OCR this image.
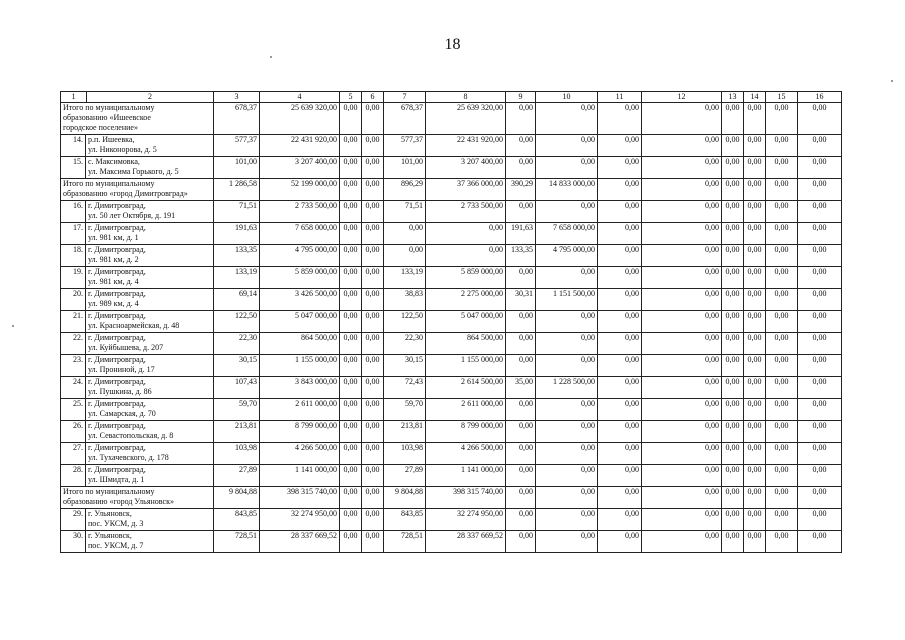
18
1 2		3	4	5	6	7	8	9	10	11	12	13	14	15	16

Итого по муниципальному
образованию «Ишеевское
городское поселение»		678,37	25 639 320,00	0,00	0,00	678,37	25 639 320,00	0,00	0,00	0,00	0,00	0,00	0,00	0,00	0,00
14.	р.п. Ишеевка,
ул. Никонорова, д. 5	577,37	22 431 920,00	0,00	0,00	577,37	22 431 920,00	0,00	0,00	0,00	0,00	0,00	0,00	0,00	0,00
15.	с. Максимовка,
ул. Максима Горького, д. 5	101,00	3 207 400,00	0,00	0,00	101,00	3 207 400,00	0,00	0,00	0,00	0,00	0,00	0,00	0,00	0,00

Итого по муниципальному
образованию «город Димитровград»		1 286,58	52 199 000,00	0,00	0,00	896,29	37 366 000,00	390,29	14 833 000,00	0,00	0,00	0,00	0,00	0,00	0,00
16.	г. Димитровград,
ул. 50 лет Октября, д. 191	71,51	2 733 500,00	0,00	0,00	71,51	2 733 500,00	0,00	0,00	0,00	0,00	0,00	0,00	0,00	0,00
17.	г. Димитровград,
ул. 981 км, д. 1	191,63	7 658 000,00	0,00	0,00	0,00	0,00	191,63	7 658 000,00	0,00	0,00	0,00	0,00	0,00	0,00
18.	г. Димитровград,
ул. 981 км, д. 2	133,35	4 795 000,00	0,00	0,00	0,00	0,00	133,35	4 795 000,00	0,00	0,00	0,00	0,00	0,00	0,00
19.	г. Димитровград,
ул. 981 км, д. 4	133,19	5 859 000,00	0,00	0,00	133,19	5 859 000,00	0,00	0,00	0,00	0,00	0,00	0,00	0,00	0,00
20.	г. Димитровград,
ул. 989 км, д. 4	69,14	3 426 500,00	0,00	0,00	38,83	2 275 000,00	30,31	1 151 500,00	0,00	0,00	0,00	0,00	0,00	0,00
21.	г. Димитровград,
ул. Красноармейская, д. 48	122,50	5 047 000,00	0,00	0,00	122,50	5 047 000,00	0,00	0,00	0,00	0,00	0,00	0,00	0,00	0,00
22.	г. Димитровград,
ул. Куйбышева, д. 207	22,30	864 500,00	0,00	0,00	22,30	864 500,00	0,00	0,00	0,00	0,00	0,00	0,00	0,00	0,00
23.	г. Димитровград,
ул. Прониной, д. 17	30,15	1 155 000,00	0,00	0,00	30,15	1 155 000,00	0,00	0,00	0,00	0,00	0,00	0,00	0,00	0,00
24.	г. Димитровград,
ул. Пушкина, д. 86	107,43	3 843 000,00	0,00	0,00	72,43	2 614 500,00	35,00	1 228 500,00	0,00	0,00	0,00	0,00	0,00	0,00
25.	г. Димитровград,
ул. Самарская, д. 70	59,70	2 611 000,00	0,00	0,00	59,70	2 611 000,00	0,00	0,00	0,00	0,00	0,00	0,00	0,00	0,00
26.	г. Димитровград,
ул. Севастопольская, д. 8	213,81	8 799 000,00	0,00	0,00	213,81	8 799 000,00	0,00	0,00	0,00	0,00	0,00	0,00	0,00	0,00
27.	г. Димитровград,
ул. Тухачевского, д. 178	103,98	4 266 500,00	0,00	0,00	103,98	4 266 500,00	0,00	0,00	0,00	0,00	0,00	0,00	0,00	0,00
28.	г. Димитровград,
ул. Шмидта, д. 1	27,89	1 141 000,00	0,00	0,00	27,89	1 141 000,00	0,00	0,00	0,00	0,00	0,00	0,00	0,00	0,00

Итого по муниципальному
образованию «город Ульяновск»		9 804,88	398 315 740,00	0,00	0,00	9 804,88	398 315 740,00	0,00	0,00	0,00	0,00	0,00	0,00	0,00	0,00
29.	г. Ульяновск,
пос. УКСМ, д. 3	843,85	32 274 950,00	0,00	0,00	843,85	32 274 950,00	0,00	0,00	0,00	0,00	0,00	0,00	0,00	0,00
30.	г. Ульяновск,
пос. УКСМ, д. 7	728,51	28 337 669,52	0,00	0,00	728,51	28 337 669,52	0,00	0,00	0,00	0,00	0,00	0,00	0,00	0,00
